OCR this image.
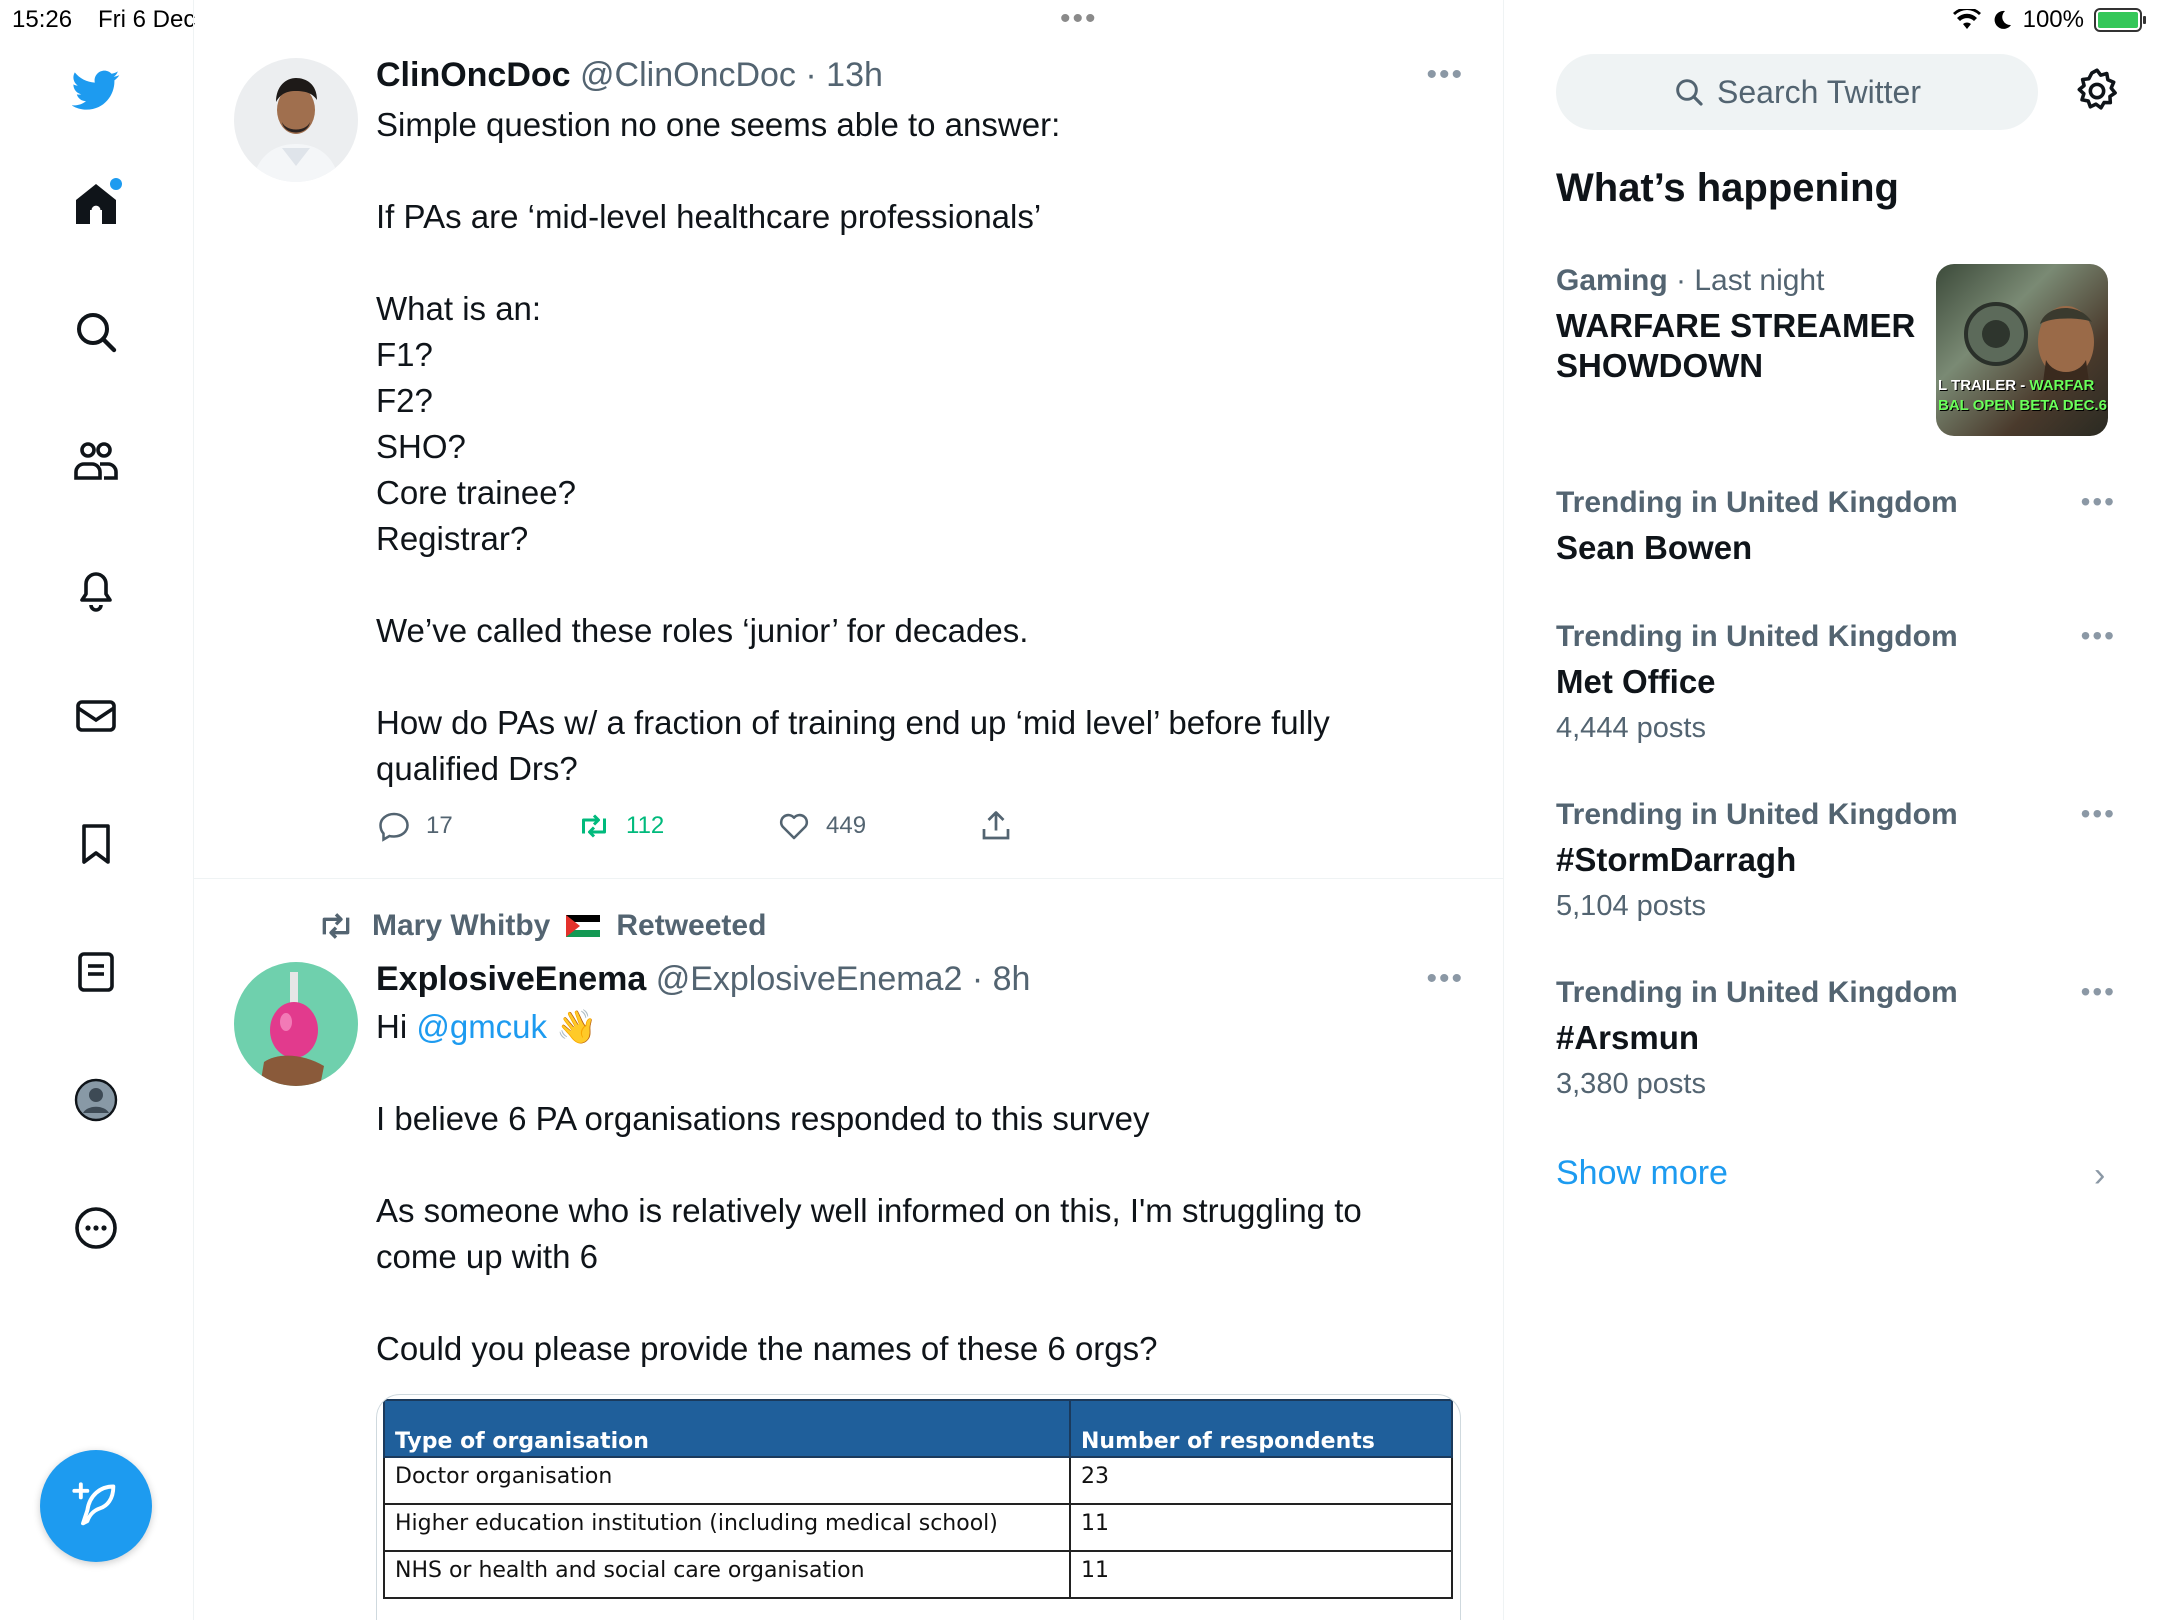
15:26 Fri 6 Dec	•••	100%
ClinOncDoc @ClinOncDoc · 13h	•••

Simple question no one seems able to answer:

If PAs are ‘mid-level healthcare professionals’

What is an:

F1?

F2?

SHO?

Core trainee?

Registrar?

We’ve called these roles ‘junior’ for decades.

How do PAs w/ a fraction of training end up ‘mid level’ before fully qualified Drs?

17	112	449
Mary Whitby Retweeted
ExplosiveEnema @ExplosiveEnema2 · 8h	•••

Hi @gmcuk 👋

I believe 6 PA organisations responded to this survey

As someone who is relatively well informed on this, I'm struggling to come up with 6

Could you please provide the names of these 6 orgs?

Type of organisation	Number of respondents
Doctor organisation	23
Higher education institution (including medical school)	11
NHS or health and social care organisation	11
Search Twitter
What’s happening
Gaming · Last night
WARFARE STREAMER SHOWDOWN
L TRAILER - WARFAR
BAL OPEN BETA DEC.6
Trending in United Kingdom
Sean Bowen
•••
Trending in United Kingdom
Met Office
4,444 posts
•••
Trending in United Kingdom
#StormDarragh
5,104 posts
•••
Trending in United Kingdom
#Arsmun
3,380 posts
•••
Show more	›
